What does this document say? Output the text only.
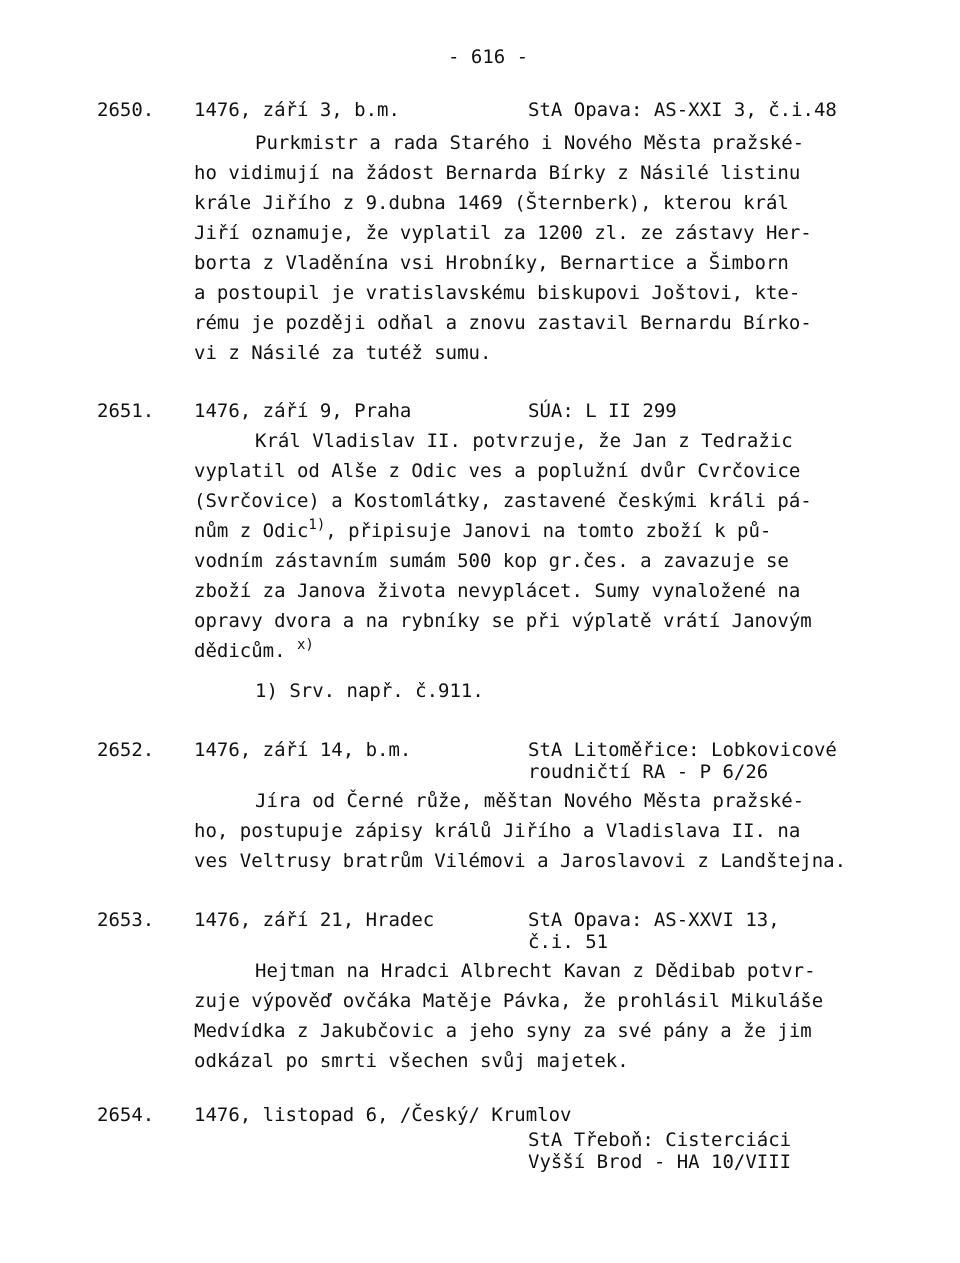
- 616 -
2650. 1476, září 3, b.m.	StA Opava: AS-XXI 3, č.i.48
Purkmistr a rada Starého i Nového Města pražské-
ho vidimují na žádost Bernarda Bírky z Násilé listinu
krále Jiřího z 9.dubna 1469 (Šternberk), kterou král
Jiří oznamuje, že vyplatil za 1200 zl. ze zástavy Her-
borta z Vladěnína vsi Hrobníky, Bernartice a Šimborn
a postoupil je vratislavskému biskupovi Joštovi, kte-
rému je později odňal a znovu zastavil Bernardu Bírko-
vi z Násilé za tutéž sumu.
2651. 1476, září 9, Praha	SÚA: L II 299
Král Vladislav II. potvrzuje, že Jan z Tedražic
vyplatil od Alše z Odic ves a poplužní dvůr Cvrčovice
(Svrčovice) a Kostomlátky, zastavené českými králi pá-
nům z Odic$^{1)}$, připisuje Janovi na tomto zboží k pů-
vodním zástavním sumám 500 kop gr.čes. a zavazuje se
zboží za Janova života nevyplácet. Sumy vynaložené na
opravy dvora a na rybníky se při výplatě vrátí Janovým
dědicům. $^{x)}$
1) Srv. např. č.911.
2652. 1476, září 14, b.m.	StA Litoměřice: Lobkovicové
roudničtí RA - P 6/26
Jíra od Černé růže, měštan Nového Města pražské-
ho, postupuje zápisy králů Jiřího a Vladislava II. na
ves Veltrusy bratrům Vilémovi a Jaroslavovi z Landštejna.
2653. 1476, září 21, Hradec	StA Opava: AS-XXVI 13,
č.i. 51
Hejtman na Hradci Albrecht Kavan z Dědibab potvr-
zuje výpověď ovčáka Matěje Pávka, že prohlásil Mikuláše
Medvídka z Jakubčovic a jeho syny za své pány a že jim
odkázal po smrti všechen svůj majetek.
2654. 1476, listopad 6, /Český/ Krumlov
StA Třeboň: Cisterciáci
Vyšší Brod - HA 10/VIII
